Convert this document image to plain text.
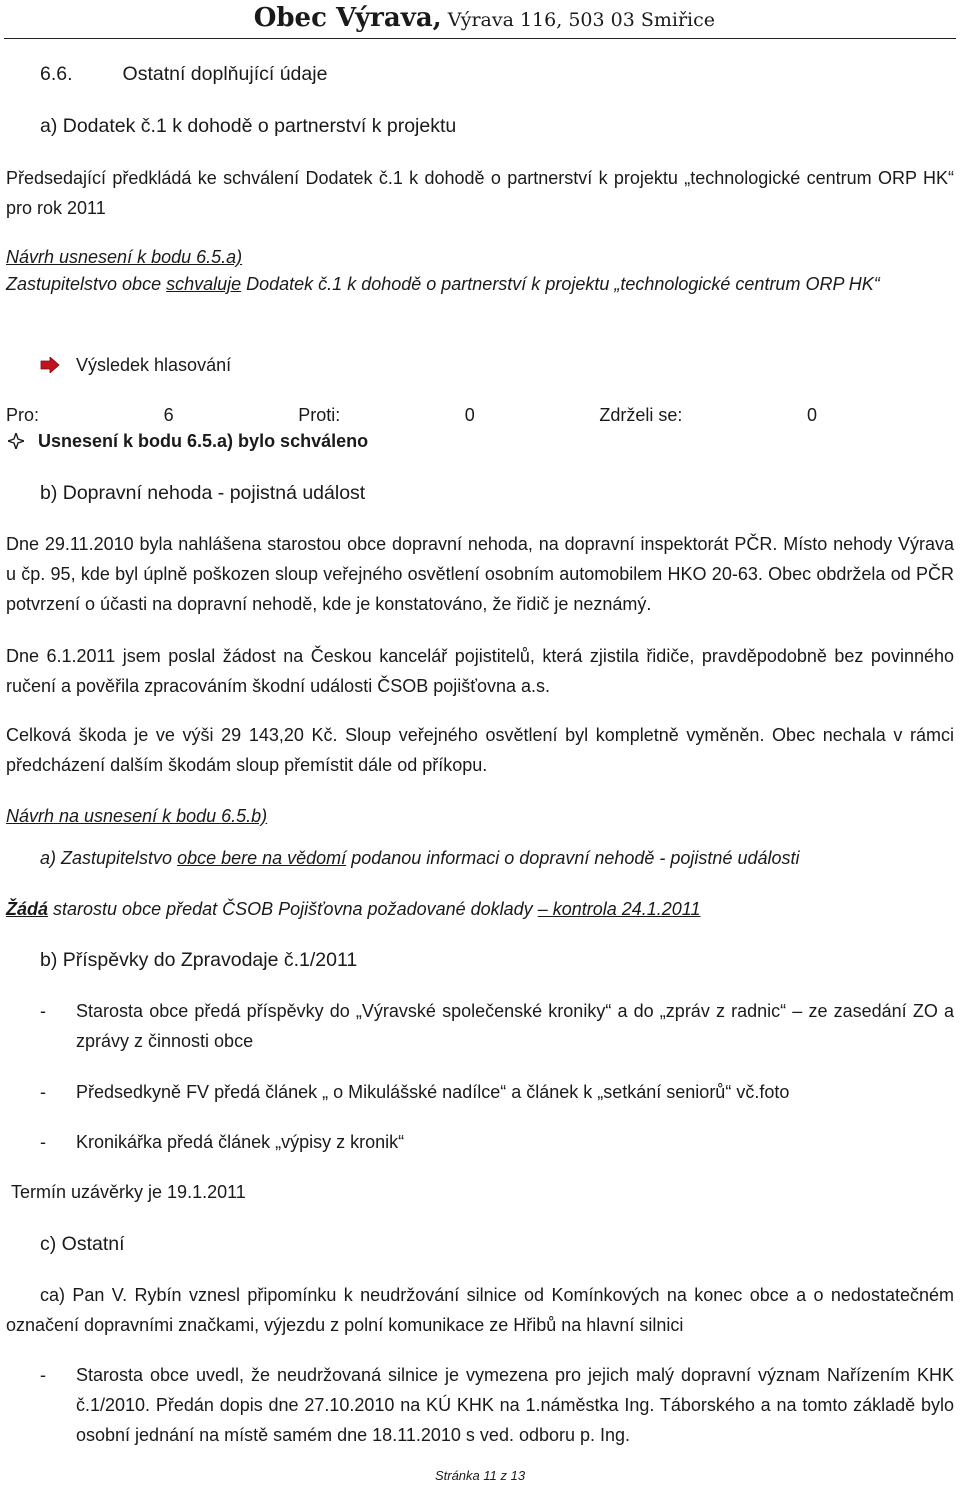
Obec Výrava, Výrava 116, 503 03 Smiřice
6.6.	Ostatní doplňující údaje
a) Dodatek č.1 k dohodě o partnerství k projektu
Předsedající předkládá ke schválení Dodatek č.1 k dohodě o partnerství k projektu „technologické centrum ORP HK“ pro rok 2011
Návrh usnesení k bodu 6.5.a)
Zastupitelstvo obce schvaluje Dodatek č.1 k dohodě o partnerství k projektu „technologické centrum ORP HK“
Výsledek hlasování
Pro:	6	Proti:	0	Zdrželi se:	0
Usnesení k bodu 6.5.a) bylo schváleno
b) Dopravní nehoda - pojistná událost
Dne 29.11.2010 byla nahlášena starostou obce dopravní nehoda, na dopravní inspektorát PČR. Místo nehody Výrava u čp. 95, kde byl úplně poškozen sloup veřejného osvětlení osobním automobilem HKO 20-63. Obec obdržela od PČR potvrzení o účasti na dopravní nehodě, kde je konstatováno, že řidič je neznámý.
Dne 6.1.2011 jsem poslal žádost na Českou kancelář pojistitelů, která zjistila řidiče, pravděpodobně bez povinného ručení a pověřila zpracováním škodní události ČSOB pojišťovna a.s.
Celková škoda je ve výši 29 143,20 Kč. Sloup veřejného osvětlení byl kompletně vyměněn. Obec nechala v rámci předcházení dalším škodám sloup přemístit dále od příkopu.
Návrh na usnesení k bodu 6.5.b)
a) Zastupitelstvo obce bere na vědomí podanou informaci o dopravní nehodě - pojistné události
Žádá starostu obce předat ČSOB Pojišťovna požadované doklady – kontrola 24.1.2011
b) Příspěvky do Zpravodaje č.1/2011
- Starosta obce předá příspěvky do „Výravské společenské kroniky“ a do „zpráv z radnic“ – ze zasedání ZO a zprávy z činnosti obce
- Předsedkyně FV předá článek „ o Mikulášské nadílce“ a článek k „setkání seniorů“ vč.foto
- Kronikářka předá článek „výpisy z kronik“
Termín uzávěrky je 19.1.2011
c) Ostatní
ca) Pan V. Rybín vznesl připomínku k neudržování silnice od Komínkových na konec obce a o nedostatečném označení dopravními značkami, výjezdu z polní komunikace ze Hřibů na hlavní silnici
- Starosta obce uvedl, že neudržovaná silnice je vymezena pro jejich malý dopravní význam Nařízením KHK č.1/2010. Předán dopis dne 27.10.2010 na KÚ KHK na 1.náměstka Ing. Táborského a na tomto základě bylo osobní jednání na místě samém dne 18.11.2010 s ved. odboru p. Ing.
Stránka 11 z 13
